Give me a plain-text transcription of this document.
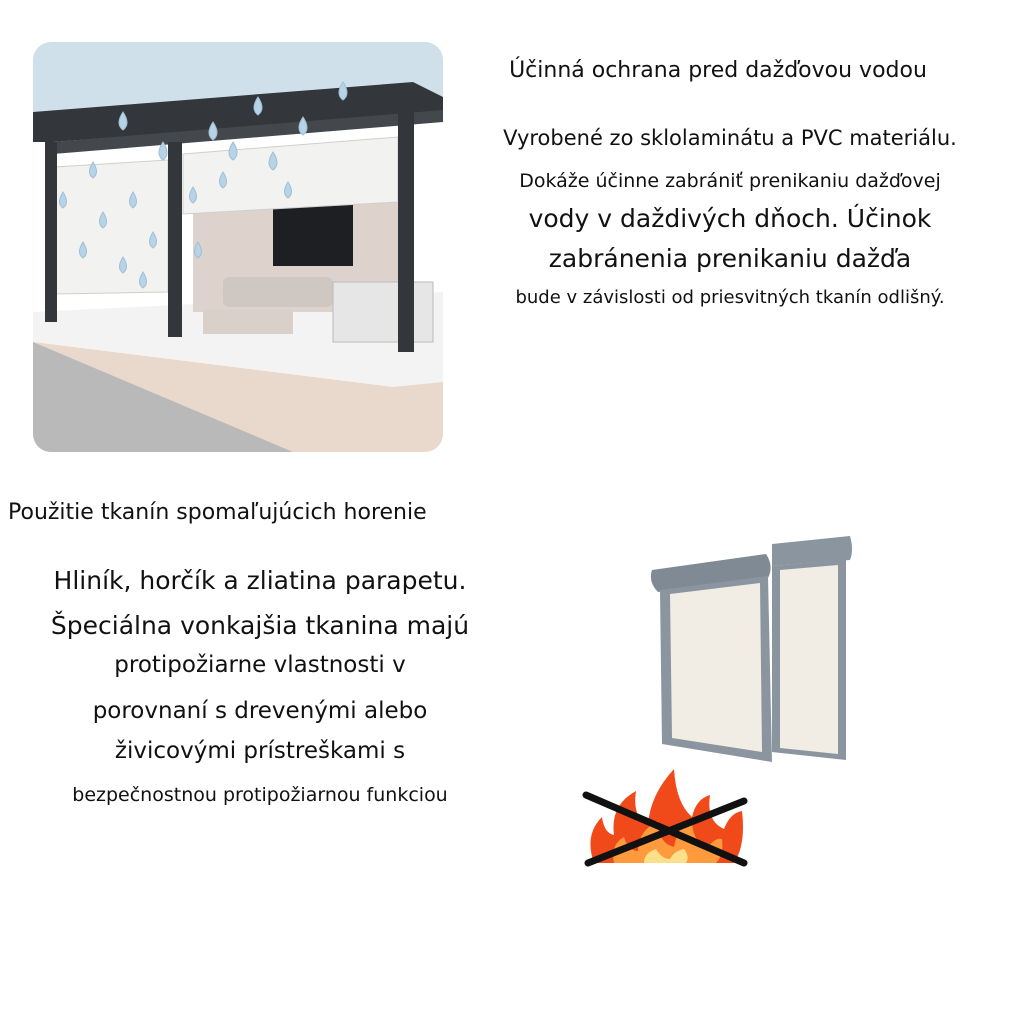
Účinná ochrana pred dažďovou vodou
Vyrobené zo sklolaminátu a PVC materiálu.
Dokáže účinne zabrániť prenikaniu dažďovej
vody v daždivých dňoch. Účinok
zabránenia prenikaniu dažďa
bude v závislosti od priesvitných tkanín odlišný.
Použitie tkanín spomaľujúcich horenie
Hliník, horčík a zliatina parapetu.
Špeciálna vonkajšia tkanina majú
protipožiarne vlastnosti v
porovnaní s drevenými alebo
živicovými prístreškami s
bezpečnostnou protipožiarnou funkciou
